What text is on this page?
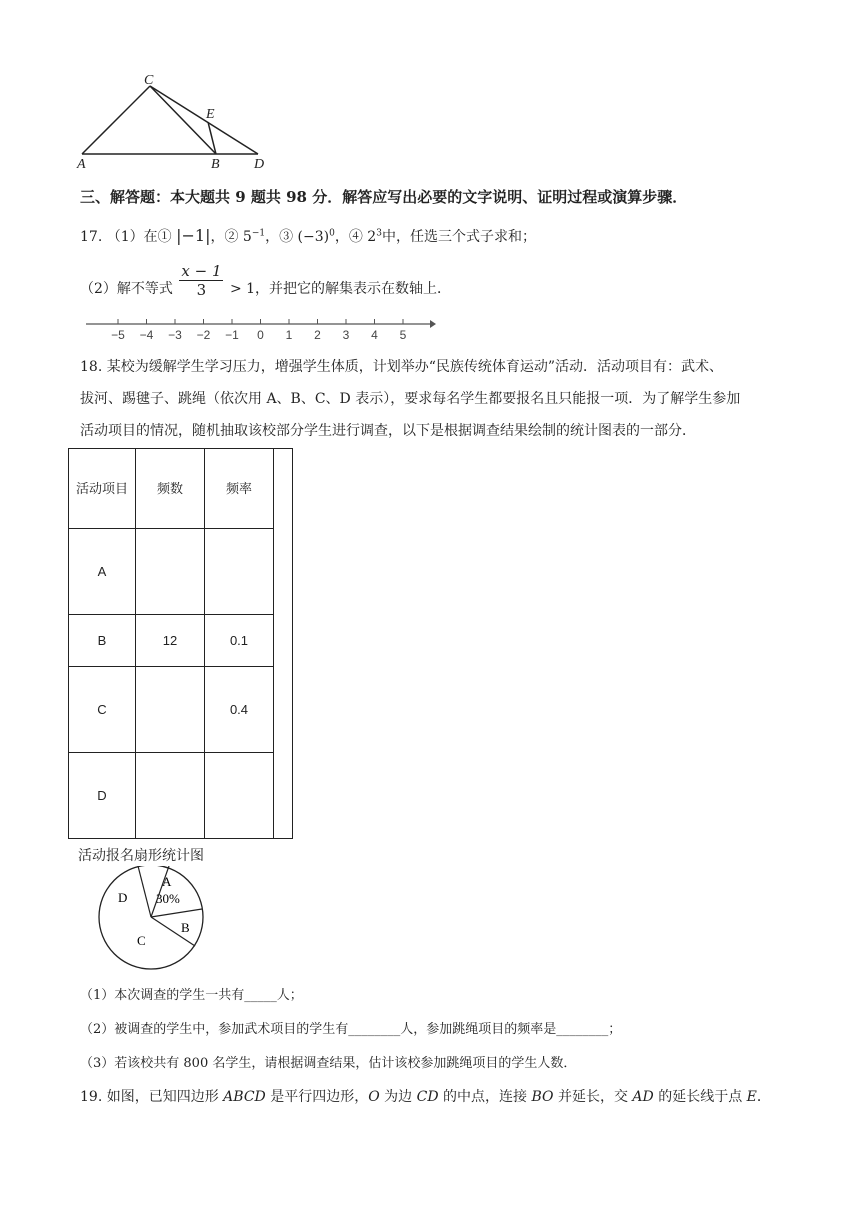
C
E
A	B D
三、解答题：本大题共 9 题共 98 分．解答应写出必要的文字说明、证明过程或演算步骤．
17. （1）在① |−1|，② $5^{-1}$，③ $(-3)^0$，④ $2^3$中，任选三个式子求和；
（2）解不等式 $\frac{x - 1}{3} > 1$，并把它的解集表示在数轴上．
−5 −4 −3 −2 −1 0 1 2 3 4 5
18. 某校为缓解学生学习压力，增强学生体质，计划举办“民族传统体育运动”活动．活动项目有：武术、
拔河、踢毽子、跳绳（依次用 A、B、C、D 表示），要求每名学生都要报名且只能报一项．为了解学生参加
活动项目的情况，随机抽取该校部分学生进行调查，以下是根据调查结果绘制的统计图表的一部分．
活动项目	频数	频率	
A			
B	12	0.1	
C		0.4	
D			
活动报名扇形统计图
A
30%
D
B
C
（1）本次调查的学生一共有_____人；
（2）被调查的学生中，参加武术项目的学生有________人，参加跳绳项目的频率是________；
（3）若该校共有 800 名学生，请根据调查结果，估计该校参加跳绳项目的学生人数．
19. 如图，已知四边形 ABCD 是平行四边形，O 为边 CD 的中点，连接 BO 并延长，交 AD 的延长线于点 E．
